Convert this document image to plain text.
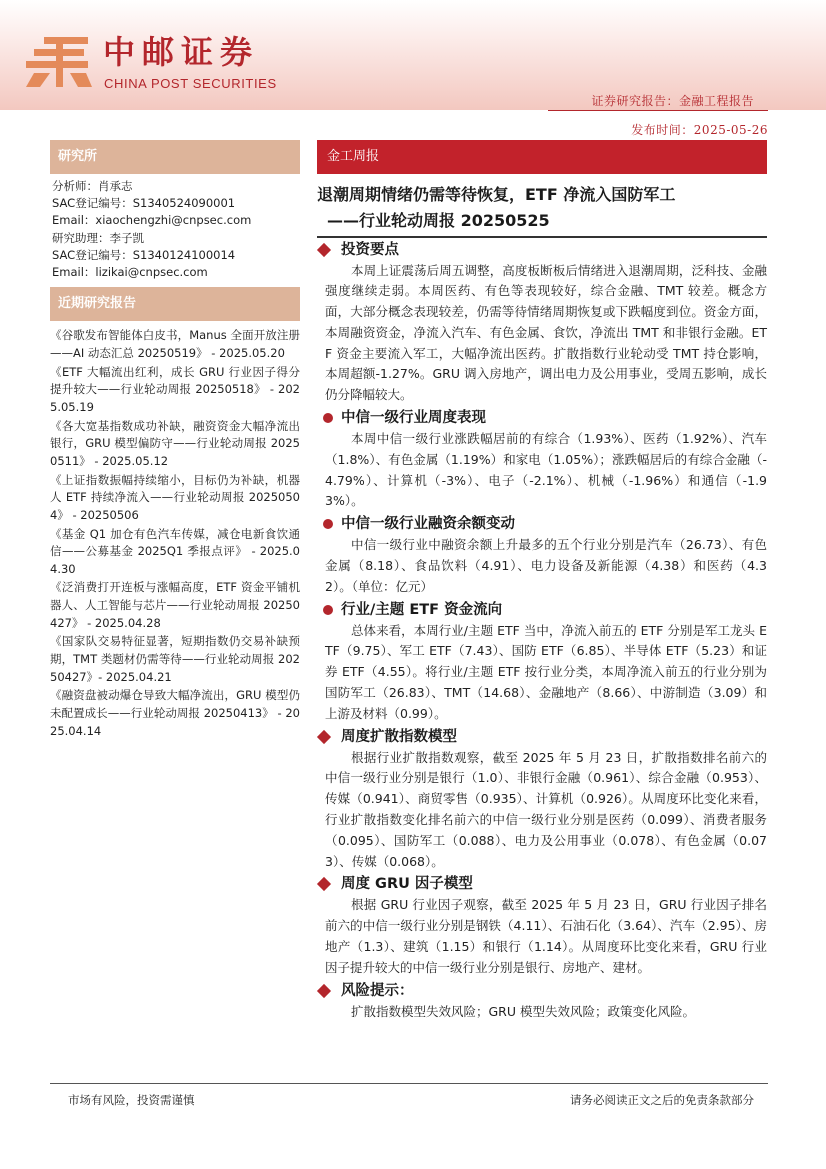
中邮证券
CHINA POST SECURITIES
证券研究报告：金融工程报告
发布时间：2025-05-26
研究所
分析师：肖承志
SAC登记编号：S1340524090001
Email：xiaochengzhi@cnpsec.com
研究助理：李子凯
SAC登记编号：S1340124100014
Email：lizikai@cnpsec.com
近期研究报告
《谷歌发布智能体白皮书，Manus 全面开放注册——AI 动态汇总 20250519》 - 2025.05.20
《ETF 大幅流出红利，成长 GRU 行业因子得分提升较大——行业轮动周报 20250518》 - 2025.05.19
《各大宽基指数成功补缺，融资资金大幅净流出银行，GRU 模型偏防守——行业轮动周报 20250511》 - 2025.05.12
《上证指数振幅持续缩小，目标仍为补缺，机器人 ETF 持续净流入——行业轮动周报 20250504》 - 20250506
《基金 Q1 加仓有色汽车传媒，减仓电新食饮通信——公募基金 2025Q1 季报点评》 - 2025.04.30
《泛消费打开连板与涨幅高度，ETF 资金平铺机器人、人工智能与芯片——行业轮动周报 20250427》 - 2025.04.28
《国家队交易特征显著，短期指数仍交易补缺预期，TMT 类题材仍需等待——行业轮动周报 20250427》- 2025.04.21
《融资盘被动爆仓导致大幅净流出，GRU 模型仍未配置成长——行业轮动周报 20250413》 - 2025.04.14
金工周报
退潮周期情绪仍需等待恢复，ETF 净流入国防军工
——行业轮动周报 20250525
投资要点
本周上证震荡后周五调整，高度板断板后情绪进入退潮周期，泛科技、金融强度继续走弱。本周医药、有色等表现较好，综合金融、TMT 较差。概念方面，大部分概念表现较差，仍需等待情绪周期恢复或下跌幅度到位。资金方面，本周融资资金，净流入汽车、有色金属、食饮，净流出 TMT 和非银行金融。ETF 资金主要流入军工，大幅净流出医药。扩散指数行业轮动受 TMT 持仓影响，本周超额-1.27%。GRU 调入房地产，调出电力及公用事业，受周五影响，成长仍分降幅较大。
中信一级行业周度表现
本周中信一级行业涨跌幅居前的有综合（1.93%）、医药（1.92%）、汽车（1.8%）、有色金属（1.19%）和家电（1.05%）；涨跌幅居后的有综合金融（-4.79%）、计算机（-3%）、电子（-2.1%）、机械（-1.96%）和通信（-1.93%）。
中信一级行业融资余额变动
中信一级行业中融资余额上升最多的五个行业分别是汽车（26.73）、有色金属（8.18）、食品饮料（4.91）、电力设备及新能源（4.38）和医药（4.32）。（单位：亿元）
行业/主题 ETF 资金流向
总体来看，本周行业/主题 ETF 当中，净流入前五的 ETF 分别是军工龙头 ETF（9.75）、军工 ETF（7.43）、国防 ETF（6.85）、半导体 ETF（5.23）和证券 ETF（4.55）。将行业/主题 ETF 按行业分类，本周净流入前五的行业分别为国防军工（26.83）、TMT（14.68）、金融地产（8.66）、中游制造（3.09）和上游及材料（0.99）。
周度扩散指数模型
根据行业扩散指数观察，截至 2025 年 5 月 23 日，扩散指数排名前六的中信一级行业分别是银行（1.0）、非银行金融（0.961）、综合金融（0.953）、传媒（0.941）、商贸零售（0.935）、计算机（0.926）。从周度环比变化来看，行业扩散指数变化排名前六的中信一级行业分别是医药（0.099）、消费者服务（0.095）、国防军工（0.088）、电力及公用事业（0.078）、有色金属（0.073）、传媒（0.068）。
周度 GRU 因子模型
根据 GRU 行业因子观察，截至 2025 年 5 月 23 日，GRU 行业因子排名前六的中信一级行业分别是钢铁（4.11）、石油石化（3.64）、汽车（2.95）、房地产（1.3）、建筑（1.15）和银行（1.14）。从周度环比变化来看，GRU 行业因子提升较大的中信一级行业分别是银行、房地产、建材。
风险提示：
扩散指数模型失效风险；GRU 模型失效风险；政策变化风险。
市场有风险，投资需谨慎	请务必阅读正文之后的免责条款部分
